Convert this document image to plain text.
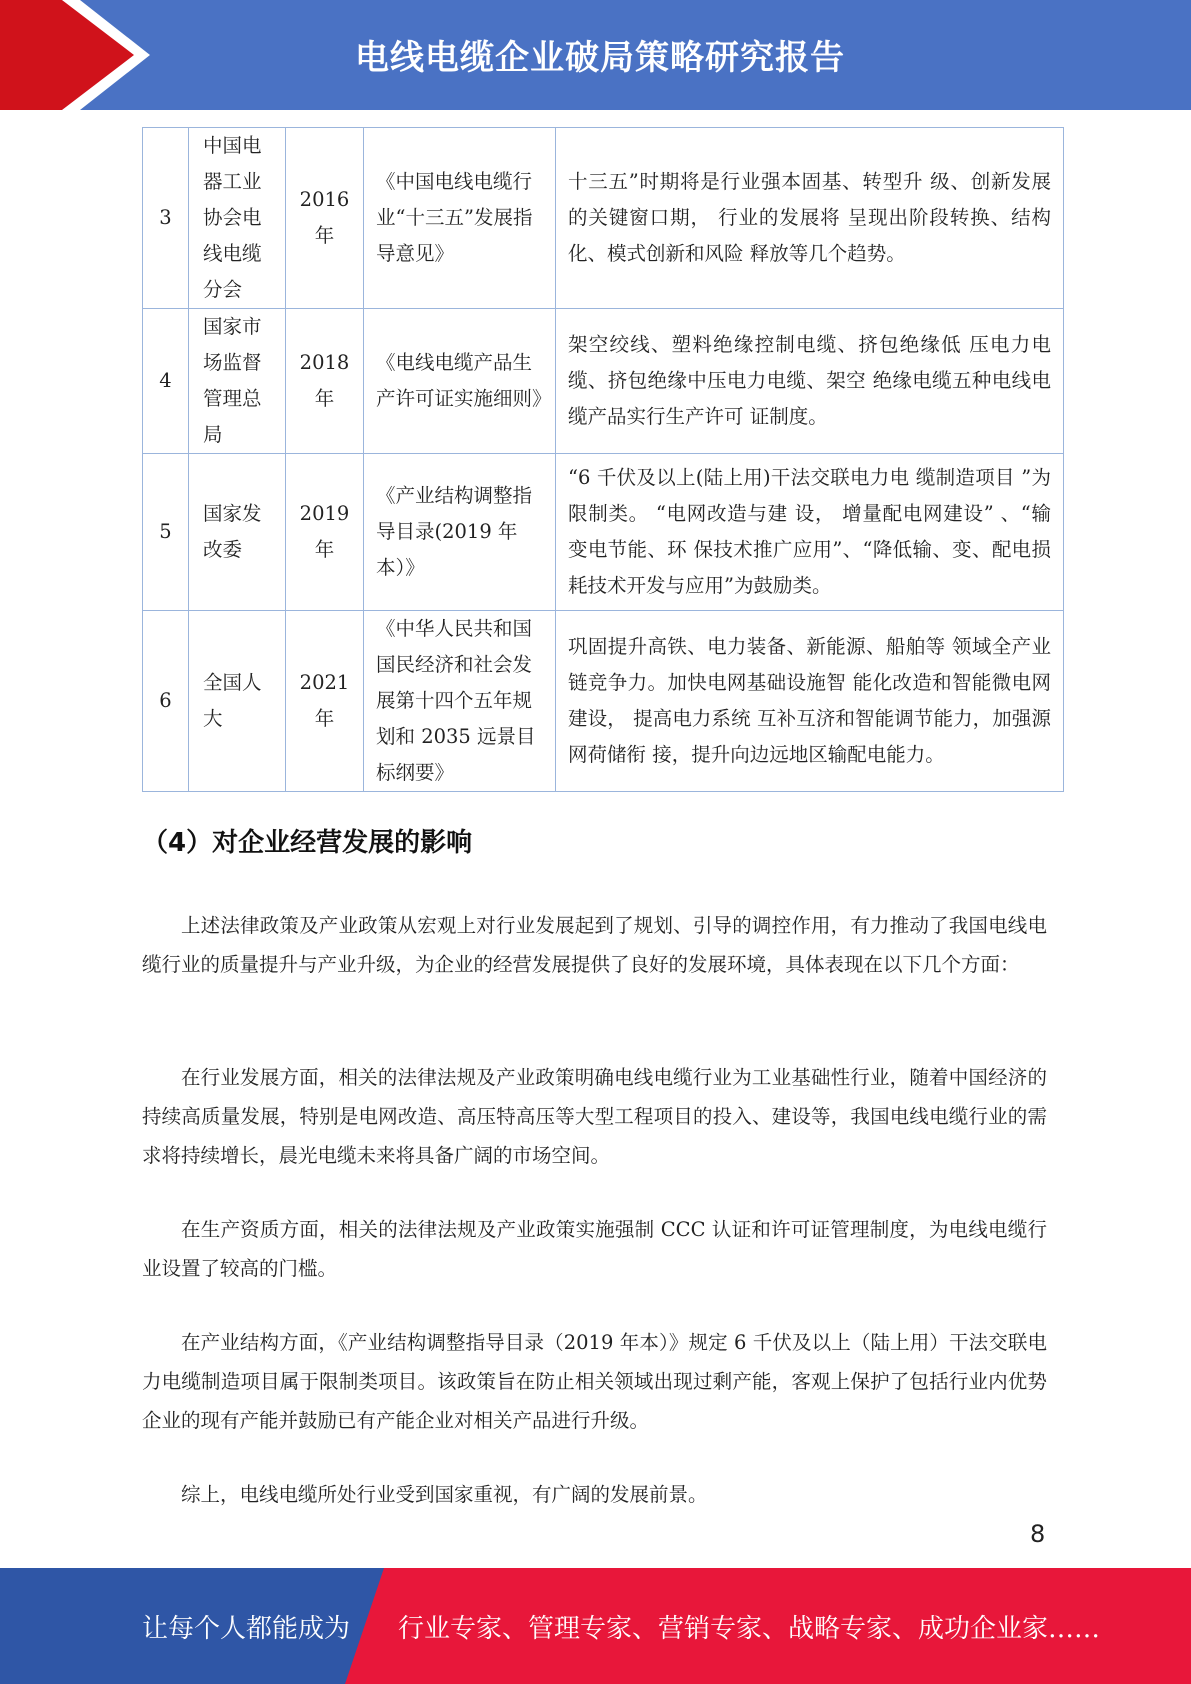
电线电缆企业破局策略研究报告
3	中国电器工业协会电线电缆分会	2016年	《中国电线电缆行业“十三五”发展指导意见》	十三五”时期将是行业强本固基、转型升 级、创新发展的关键窗口期， 行业的发展将 呈现出阶段转换、结构化、模式创新和风险 释放等几个趋势。
4	国家市场监督管理总局	2018年	《电线电缆产品生产许可证实施细则》	架空绞线、塑料绝缘控制电缆、挤包绝缘低 压电力电缆、挤包绝缘中压电力电缆、架空 绝缘电缆五种电线电缆产品实行生产许可 证制度。
5	国家发改委	2019年	《产业结构调整指导目录(2019 年本）》	“6 千伏及以上(陆上用)干法交联电力电 缆制造项目 ”为限制类。 “电网改造与建 设， 增量配电网建设” 、“输变电节能、环 保技术推广应用”、“降低输、变、配电损 耗技术开发与应用”为鼓励类。
6	全国人大	2021年	《中华人民共和国国民经济和社会发展第十四个五年规划和 2035 远景目标纲要》	巩固提升高铁、电力装备、新能源、船舶等 领域全产业链竞争力。加快电网基础设施智 能化改造和智能微电网建设， 提高电力系统 互补互济和智能调节能力，加强源网荷储衔 接，提升向边远地区输配电能力。
（4）对企业经营发展的影响

上述法律政策及产业政策从宏观上对行业发展起到了规划、引导的调控作用，有力推动了我国电线电缆行业的质量提升与产业升级，为企业的经营发展提供了良好的发展环境，具体表现在以下几个方面：

在行业发展方面，相关的法律法规及产业政策明确电线电缆行业为工业基础性行业，随着中国经济的持续高质量发展，特别是电网改造、高压特高压等大型工程项目的投入、建设等，我国电线电缆行业的需求将持续增长，晨光电缆未来将具备广阔的市场空间。

在生产资质方面，相关的法律法规及产业政策实施强制 CCC 认证和许可证管理制度，为电线电缆行业设置了较高的门槛。

在产业结构方面，《产业结构调整指导目录（2019 年本）》规定 6 千伏及以上（陆上用）干法交联电力电缆制造项目属于限制类项目。该政策旨在防止相关领域出现过剩产能，客观上保护了包括行业内优势企业的现有产能并鼓励已有产能企业对相关产品进行升级。

综上，电线电缆所处行业受到国家重视，有广阔的发展前景。

8
让每个人都能成为 行业专家、管理专家、营销专家、战略专家、成功企业家……
